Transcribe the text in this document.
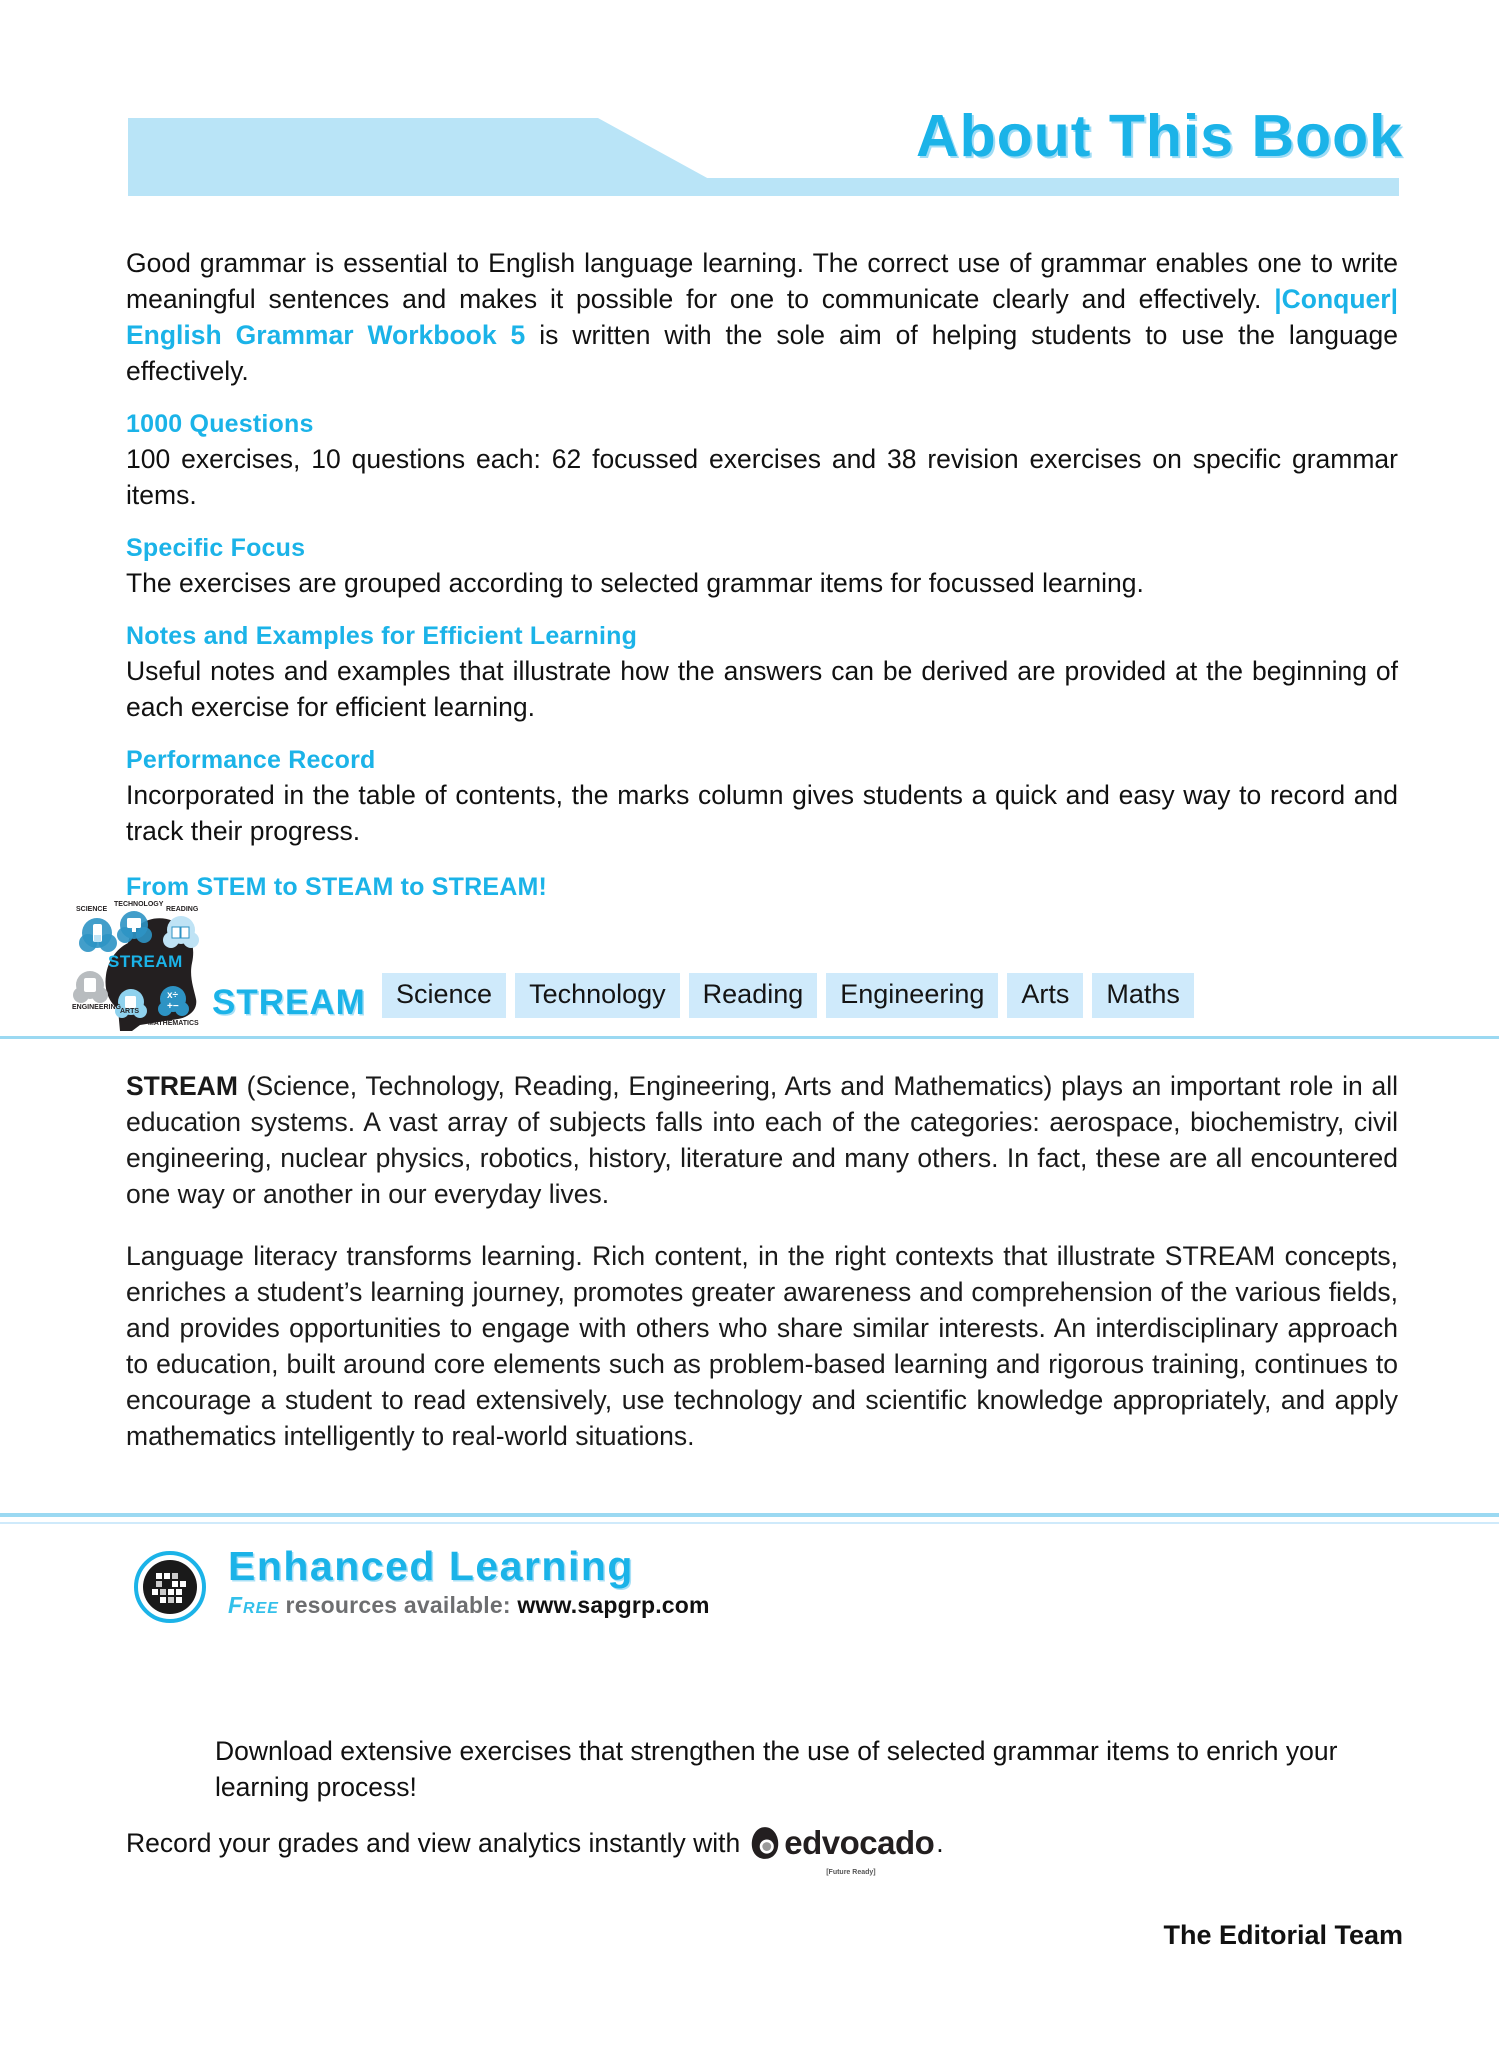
About This Book

Good grammar is essential to English language learning. The correct use of grammar enables one to write meaningful sentences and makes it possible for one to communicate clearly and effectively. |Conquer| English Grammar Workbook 5 is written with the sole aim of helping students to use the language effectively.

1000 Questions

100 exercises, 10 questions each: 62 focussed exercises and 38 revision exercises on specific grammar items.

Specific Focus

The exercises are grouped according to selected grammar items for focussed learning.

Notes and Examples for Efficient Learning

Useful notes and examples that illustrate how the answers can be derived are provided at the beginning of each exercise for efficient learning.

Performance Record

Incorporated in the table of contents, the marks column gives students a quick and easy way to record and track their progress.

From STEM to STEAM to STREAM!
x÷
+−
STREAM
SCIENCE
TECHNOLOGY
READING
ENGINEERING
ARTS
MATHEMATICS
STREAM	Science	Technology	Reading	Engineering	Arts	Maths

STREAM (Science, Technology, Reading, Engineering, Arts and Mathematics) plays an important role in all education systems. A vast array of subjects falls into each of the categories: aerospace, biochemistry, civil engineering, nuclear physics, robotics, history, literature and many others. In fact, these are all encountered one way or another in our everyday lives.

Language literacy transforms learning. Rich content, in the right contexts that illustrate STREAM concepts, enriches a student’s learning journey, promotes greater awareness and comprehension of the various fields, and provides opportunities to engage with others who share similar interests. An interdisciplinary approach to education, built around core elements such as problem-based learning and rigorous training, continues to encourage a student to read extensively, use technology and scientific knowledge appropriately, and apply mathematics intelligently to real-world situations.

Enhanced Learning
Free resources available: www.sapgrp.com
Download extensive exercises that strengthen the use of selected grammar items to enrich your learning process!
Record your grades and view analytics instantly with edvocado
[Future Ready]
.
The Editorial Team
